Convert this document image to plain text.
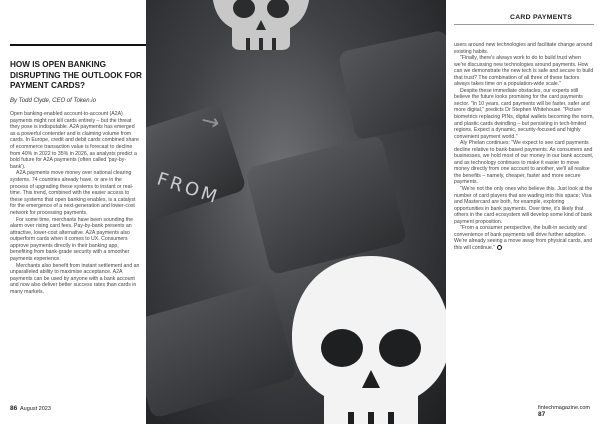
FROM
→
HOW IS OPEN BANKING DISRUPTING THE OUTLOOK FOR PAYMENT CARDS?

By Todd Clyde, CEO of Token.io

Open banking-enabled account-to-account (A2A) payments might not kill cards entirely – but the threat they pose is indisputable. A2A payments has emerged as a powerful contender and is claiming volume from cards. In Europe, credit and debit cards combined share of ecommerce transaction value is forecast to decline from 40% in 2022 to 35% in 2026, as analysts predict a bold future for A2A payments (often called 'pay-by-bank').

A2A payments move money over national clearing systems. 74 countries already have, or are in the process of upgrading these systems to instant or real-time. This trend, combined with the easier access to these systems that open banking enables, is a catalyst for the emergence of a next-generation and lower-cost network for processing payments.

For some time, merchants have been sounding the alarm over rising card fees. Pay-by-bank presents an attractive, lower-cost alternative. A2A payments also outperform cards when it comes to UX. Consumers approve payments directly in their banking app, benefiting from bank-grade security with a smoother payments experience.

Merchants also benefit from instant settlement and an unparalleled ability to maximise acceptance. A2A payments can be used by anyone with a bank account and now also deliver better success rates than cards in many markets.

86 August 2023
CARD PAYMENTS

users around new technologies and facilitate change around existing habits.

"Finally, there's always work to do to build trust when we're discussing new technologies around payments. How can we demonstrate the new tech is safe and secure to build that trust? The combination of all three of these factors always takes time on a population-wide scale."

Despite these immediate obstacles, our experts still believe the future looks promising for the card payments sector. "In 10 years, card payments will be faster, safer and more digital," predicts Dr Stephen Whitehouse. "Picture biometrics replacing PINs, digital wallets becoming the norm, and plastic cards dwindling – but persisting in tech-limited regions. Expect a dynamic, security-focused and highly convenient payment world."

Aly Phelan continues: "We expect to see card payments decline relative to bank-based payments. As consumers and businesses, we hold most of our money in our bank account, and as technology continues to make it easier to move money directly from one account to another, we'll all realise the benefits – namely, cheaper, faster and more secure payments.

"We're not the only ones who believe this. Just look at the number of card players that are wading into this space; Visa and Mastercard are both, for example, exploring opportunities in bank payments. Over time, it's likely that others in the card ecosystem will develop some kind of bank payment proposition.

"From a consumer perspective, the built-in security and convenience of bank payments will drive further adoption. We're already seeing a move away from physical cards, and this will continue."

fintechmagazine.com  87
